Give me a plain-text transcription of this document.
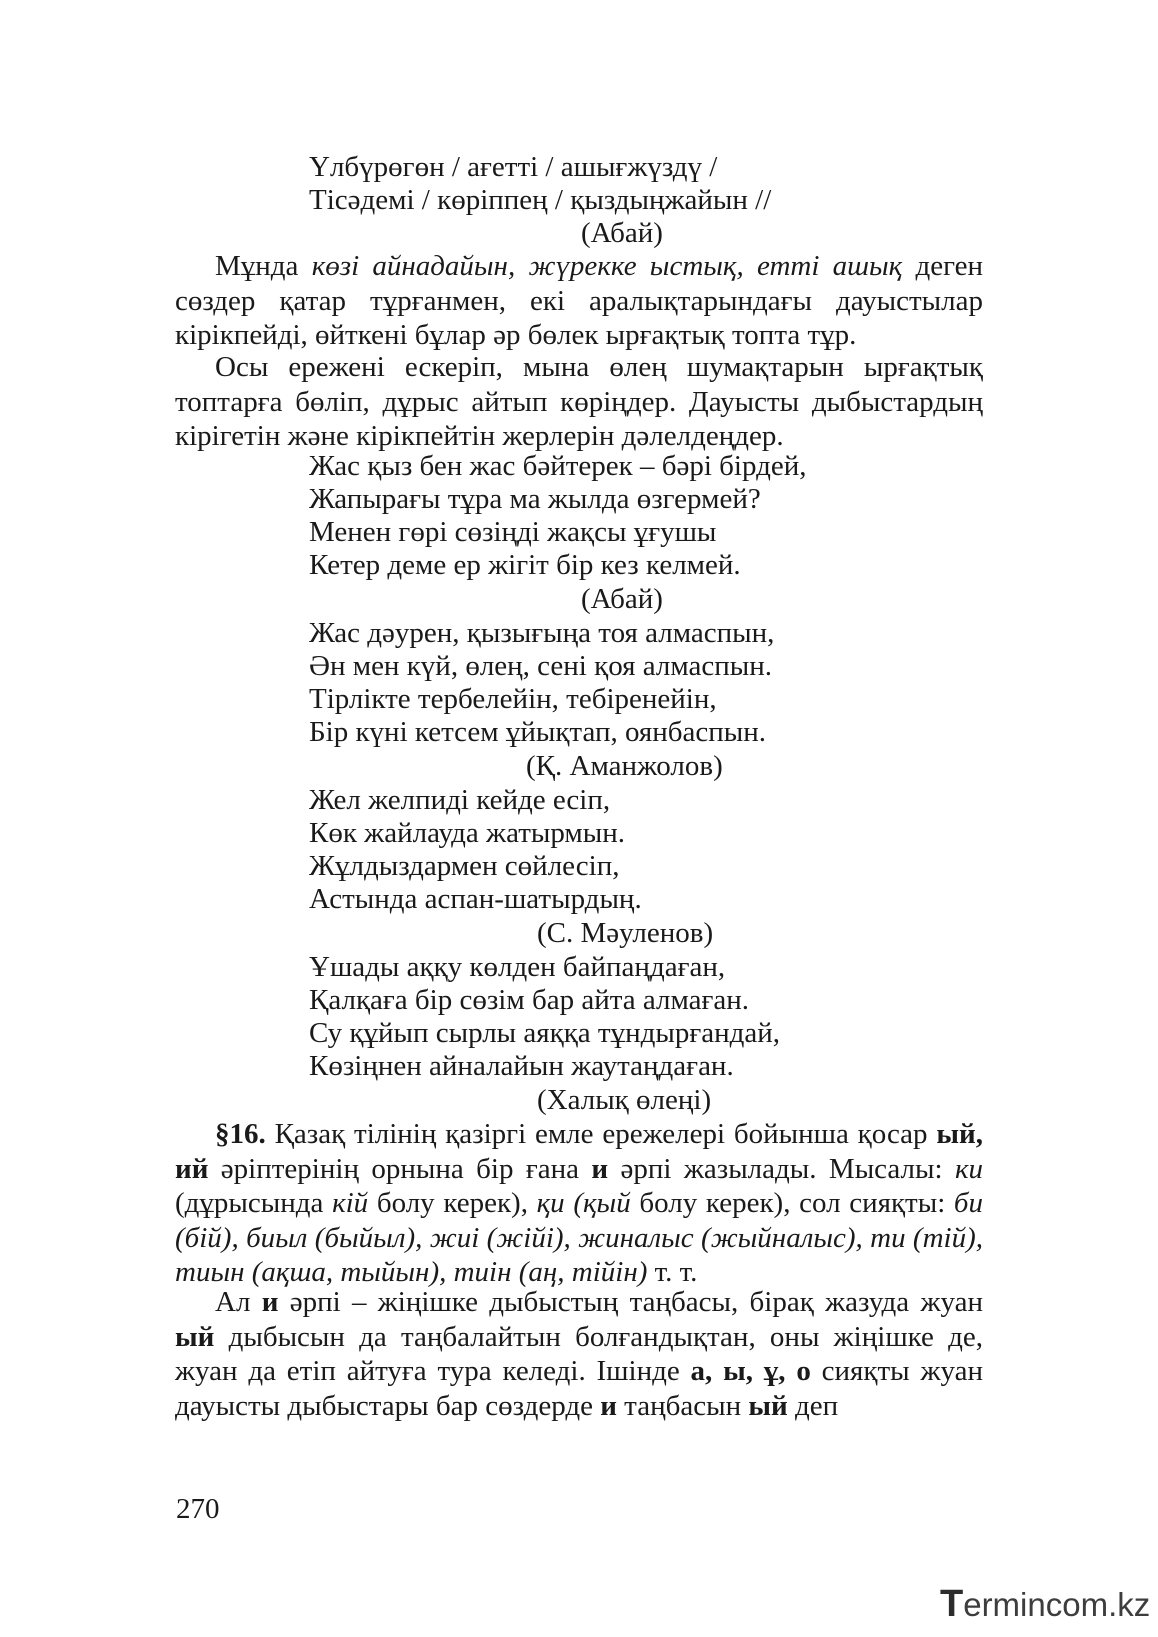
Үлбүрөгөн / ағеттi / ашығжүздү /
Тісәдемі / көріппең / қыздыңжайын //
(Абай)
Мұнда көзі айнадайын, жүрекке ыстық, етті ашық деген сөздер қатар тұрғанмен, екі аралықтарындағы дауыстылар кірікпейді, өйткені бұлар әр бөлек ырғақтық топта тұр.
Осы ережені ескеріп, мына өлең шумақтарын ырғақтық топтарға бөліп, дұрыс айтып көріңдер. Дауысты дыбыстардың кірігетін және кірікпейтін жерлерін дәлелдеңдер.
Жас қыз бен жас бәйтерек – бәрі бірдей,
Жапырағы тұра ма жылда өзгермей?
Менен гөрі сөзіңді жақсы ұғушы
Кетер деме ер жігіт бір кез келмей.
(Абай)
Жас дәурен, қызығыңа тоя алмаспын,
Ән мен күй, өлең, сені қоя алмаспын.
Тірлікте тербелейін, тебіренейін,
Бір күні кетсем ұйықтап, оянбаспын.
(Қ. Аманжолов)
Жел желпиді кейде есіп,
Көк жайлауда жатырмын.
Жұлдыздармен сөйлесіп,
Астында аспан-шатырдың.
(С. Мәуленов)
Ұшады аққу көлден байпаңдаған,
Қалқаға бір сөзім бар айта алмаған.
Су құйып сырлы аяққа тұндырғандай,
Көзіңнен айналайын жаутаңдаған.
(Халық өлеңі)
§16. Қазақ тілінің қазіргі емле ережелері бойынша қосар ый, ий әріптерінің орнына бір ғана и әрпі жазылады. Мысалы: ки (дұрысында кій болу керек), қи (қый болу керек), сол сияқты: би (бій), биыл (быйыл), жиі (жійі), жиналыс (жыйналыс), ти (тій), тиын (ақша, тыйын), тиін (аң, тійін) т. т.
Ал и әрпі – жіңішке дыбыстың таңбасы, бірақ жазуда жуан ый дыбысын да таңбалайтын болғандықтан, оны жіңішке де, жуан да етіп айтуға тура келеді. Ішінде а, ы, ұ, о сияқты жуан дауысты дыбыстары бар сөздерде и таңбасын ый деп
270
Termincom.kz
